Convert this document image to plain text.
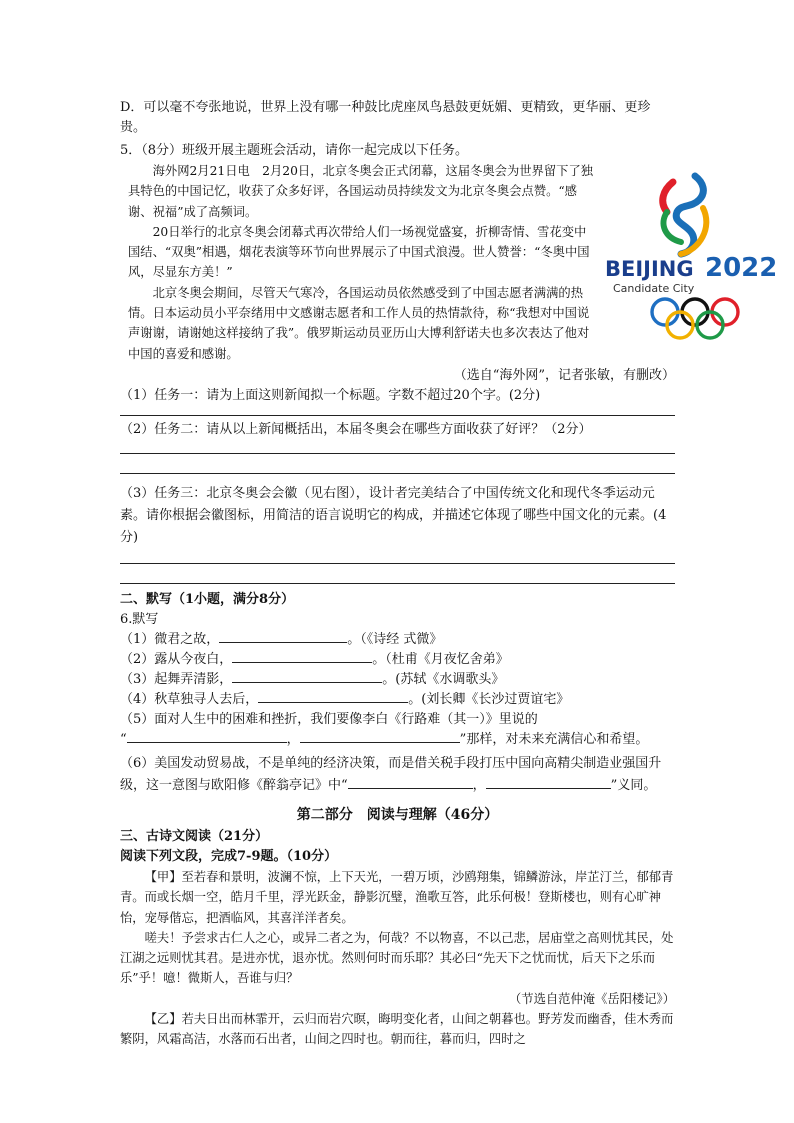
D．可以毫不夸张地说，世界上没有哪一种鼓比虎座凤鸟悬鼓更妩媚、更精致，更华丽、更珍贵。

5．（8分）班级开展主题班会活动，请你一起完成以下任务。

海外网2月21日电　2月20日，北京冬奥会正式闭幕，这届冬奥会为世界留下了独具特色的中国记忆，收获了众多好评，各国运动员持续发文为北京冬奥会点赞。“感谢、祝福”成了高频词。

20日举行的北京冬奥会闭幕式再次带给人们一场视觉盛宴，折柳寄情、雪花变中国结、“双奥”相遇，烟花表演等环节向世界展示了中国式浪漫。世人赞誉：“冬奥中国风，尽显东方美！”

北京冬奥会期间，尽管天气寒冷，各国运动员依然感受到了中国志愿者满满的热情。日本运动员小平奈绪用中文感谢志愿者和工作人员的热情款待，称“我想对中国说声谢谢，请谢她这样接纳了我”。俄罗斯运动员亚历山大博利舒诺夫也多次表达了他对中国的喜爱和感谢。

（选自“海外网”，记者张敏，有删改）

（1）任务一：请为上面这则新闻拟一个标题。字数不超过20个字。(2分)

（2）任务二：请从以上新闻概括出，本届冬奥会在哪些方面收获了好评？（2分）

（3）任务三：北京冬奥会会徽（见右图），设计者完美结合了中国传统文化和现代冬季运动元素。请你根据会徽图标，用简洁的语言说明它的构成，并描述它体现了哪些中国文化的元素。(4分)

二、默写（1小题，满分8分）

6.默写

（1）微君之故，	。（《诗经 式微》

（2）露从今夜白，	。（杜甫《月夜忆舍弟》

（3）起舞弄清影，	。(苏轼《水调歌头》

（4）秋草独寻人去后，	。(刘长卿《长沙过贾谊宅》

（5）面对人生中的困难和挫折，我们要像李白《行路难（其一）》里说的

“	，	”那样，对未来充满信心和希望。

（6）美国发动贸易战，不是单纯的经济决策，而是借关税手段打压中国向高精尖制造业强国升级，这一意图与欧阳修《醉翁亭记》中“	，	”义同。

第二部分　阅读与理解（46分）

三、古诗文阅读（21分）

阅读下列文段，完成7-9题。（10分）

【甲】至若春和景明，波澜不惊，上下天光，一碧万顷，沙鸥翔集，锦鳞游泳，岸芷汀兰，郁郁青青。而或长烟一空，皓月千里，浮光跃金，静影沉璧，渔歌互答，此乐何极！登斯楼也，则有心旷神怡，宠辱偕忘，把酒临风，其喜洋洋者矣。

嗟夫！予尝求古仁人之心，或异二者之为，何哉？不以物喜，不以己悲，居庙堂之高则忧其民，处江湖之远则忧其君。是进亦忧，退亦忧。然则何时而乐耶？其必曰“先天下之忧而忧，后天下之乐而乐”乎！噫！微斯人，吾谁与归？

（节选自范仲淹《岳阳楼记》）

【乙】若夫日出而林霏开，云归而岩穴暝，晦明变化者，山间之朝暮也。野芳发而幽香，佳木秀而繁阴，风霜高洁，水落而石出者，山间之四时也。朝而往，暮而归，四时之

BEIJING 2022
Candidate City
